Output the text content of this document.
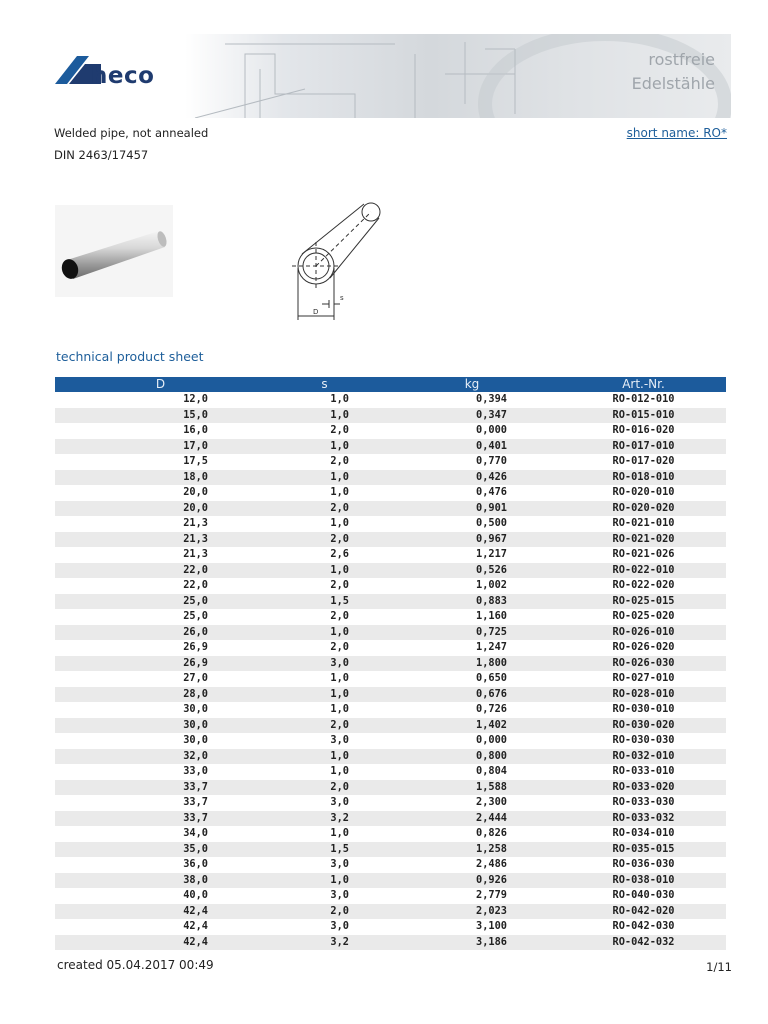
heco
rostfreie
Edelstähle
Welded pipe, not annealed
DIN 2463/17457
short name: RO*
D
s
technical product sheet
D	s	kg	Art.-Nr.
12,0	1,0	0,394	RO-012-010
15,0	1,0	0,347	RO-015-010
16,0	2,0	0,000	RO-016-020
17,0	1,0	0,401	RO-017-010
17,5	2,0	0,770	RO-017-020
18,0	1,0	0,426	RO-018-010
20,0	1,0	0,476	RO-020-010
20,0	2,0	0,901	RO-020-020
21,3	1,0	0,500	RO-021-010
21,3	2,0	0,967	RO-021-020
21,3	2,6	1,217	RO-021-026
22,0	1,0	0,526	RO-022-010
22,0	2,0	1,002	RO-022-020
25,0	1,5	0,883	RO-025-015
25,0	2,0	1,160	RO-025-020
26,0	1,0	0,725	RO-026-010
26,9	2,0	1,247	RO-026-020
26,9	3,0	1,800	RO-026-030
27,0	1,0	0,650	RO-027-010
28,0	1,0	0,676	RO-028-010
30,0	1,0	0,726	RO-030-010
30,0	2,0	1,402	RO-030-020
30,0	3,0	0,000	RO-030-030
32,0	1,0	0,800	RO-032-010
33,0	1,0	0,804	RO-033-010
33,7	2,0	1,588	RO-033-020
33,7	3,0	2,300	RO-033-030
33,7	3,2	2,444	RO-033-032
34,0	1,0	0,826	RO-034-010
35,0	1,5	1,258	RO-035-015
36,0	3,0	2,486	RO-036-030
38,0	1,0	0,926	RO-038-010
40,0	3,0	2,779	RO-040-030
42,4	2,0	2,023	RO-042-020
42,4	3,0	3,100	RO-042-030
42,4	3,2	3,186	RO-042-032
created 05.04.2017 00:49	1/11
